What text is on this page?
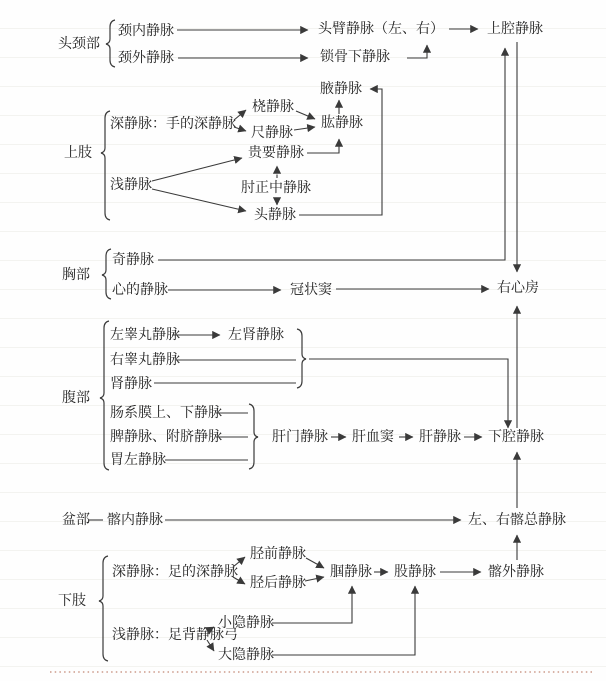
头颈部
上肢
胸部
腹部
盆部
下肢
颈内静脉
颈外静脉
头臂静脉（左、右）
锁骨下静脉
上腔静脉
深静脉：手的深静脉
桡静脉
尺静脉
肱静脉
腋静脉
贵要静脉
浅静脉	肘正中静脉
头静脉
奇静脉
心的静脉	冠状窦	右心房
左睾丸静脉	左肾静脉
右睾丸静脉
肾静脉
肠系膜上、下静脉
脾静脉、附脐静脉
胃左静脉
肝门静脉 肝血窦 肝静脉 下腔静脉
髂内静脉	左、右髂总静脉
深静脉：足的深静脉
胫前静脉
胫后静脉
腘静脉 股静脉	髂外静脉
浅静脉：足背静脉弓
小隐静脉
大隐静脉
